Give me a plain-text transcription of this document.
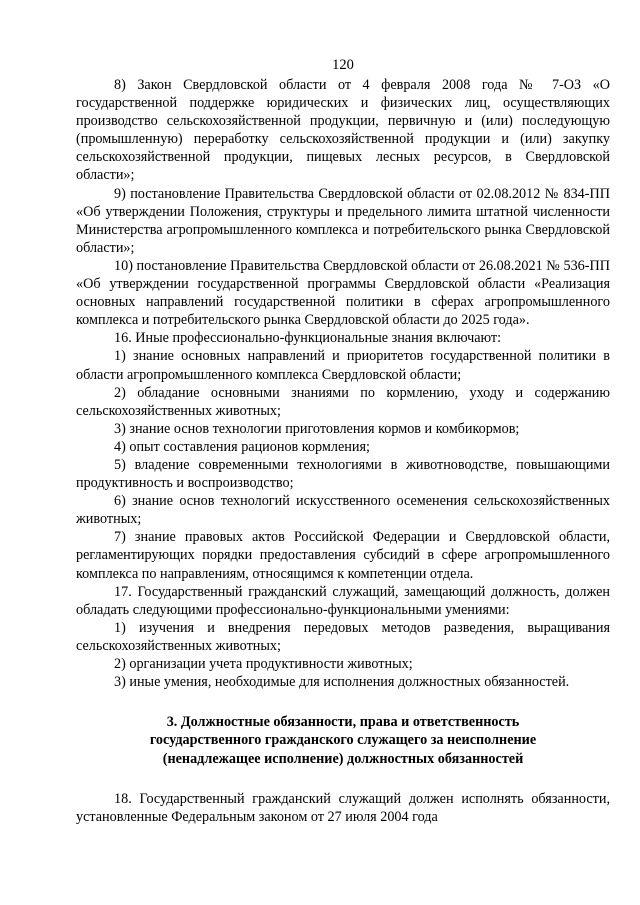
120

8) Закон Свердловской области от 4 февраля 2008 года № 7-ОЗ «О государственной поддержке юридических и физических лиц, осуществляющих производство сельскохозяйственной продукции, первичную и (или) последующую (промышленную) переработку сельскохозяйственной продукции и (или) закупку сельскохозяйственной продукции, пищевых лесных ресурсов, в Свердловской области»;

9) постановление Правительства Свердловской области от 02.08.2012 № 834-ПП «Об утверждении Положения, структуры и предельного лимита штатной численности Министерства агропромышленного комплекса и потребительского рынка Свердловской области»;

10) постановление Правительства Свердловской области от 26.08.2021 № 536-ПП «Об утверждении государственной программы Свердловской области «Реализация основных направлений государственной политики в сферах агропромышленного комплекса и потребительского рынка Свердловской области до 2025 года».

16. Иные профессионально-функциональные знания включают:

1) знание основных направлений и приоритетов государственной политики в области агропромышленного комплекса Свердловской области;

2) обладание основными знаниями по кормлению, уходу и содержанию сельскохозяйственных животных;

3) знание основ технологии приготовления кормов и комбикормов;

4) опыт составления рационов кормления;

5) владение современными технологиями в животноводстве, повышающими продуктивность и воспроизводство;

6) знание основ технологий искусственного осеменения сельскохозяйственных животных;

7) знание правовых актов Российской Федерации и Свердловской области, регламентирующих порядки предоставления субсидий в сфере агропромышленного комплекса по направлениям, относящимся к компетенции отдела.

17. Государственный гражданский служащий, замещающий должность, должен обладать следующими профессионально-функциональными умениями:

1) изучения и внедрения передовых методов разведения, выращивания сельскохозяйственных животных;

2) организации учета продуктивности животных;

3) иные умения, необходимые для исполнения должностных обязанностей.

3. Должностные обязанности, права и ответственность
государственного гражданского служащего за неисполнение
(ненадлежащее исполнение) должностных обязанностей

18. Государственный гражданский служащий должен исполнять обязанности, установленные Федеральным законом от 27 июля 2004 года
